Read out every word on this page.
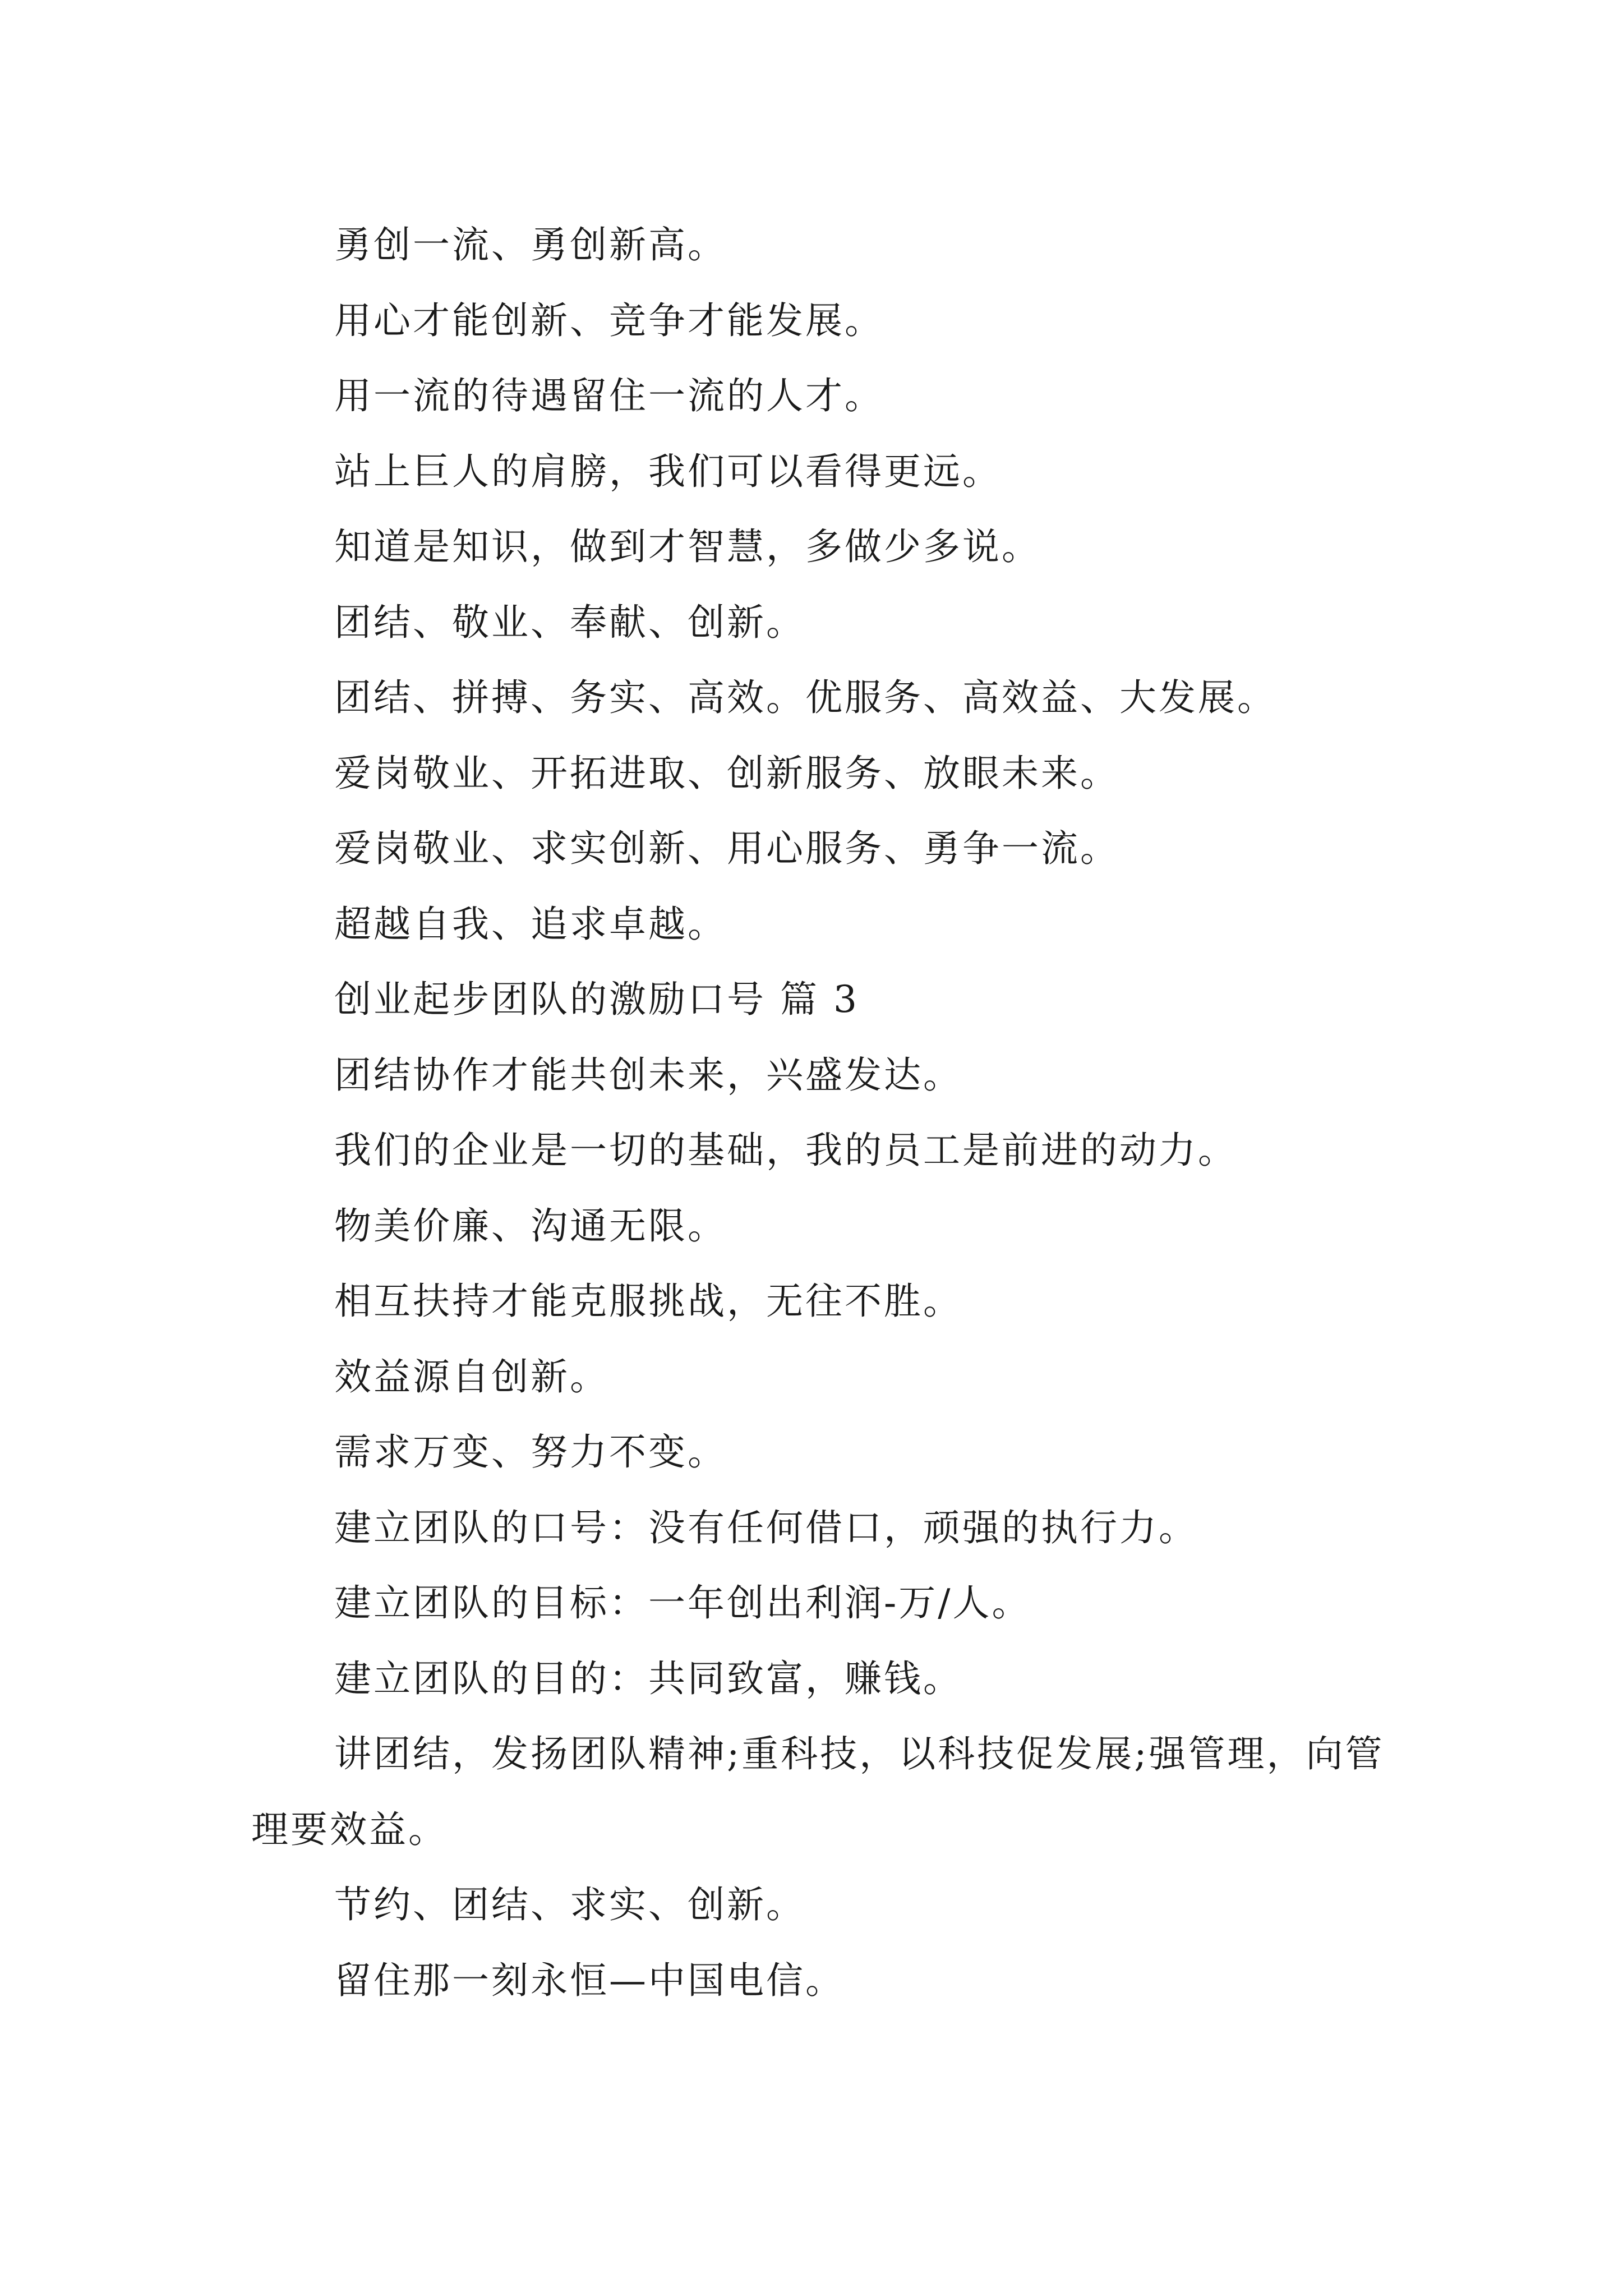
勇创一流、勇创新高。
用心才能创新、竞争才能发展。
用一流的待遇留住一流的人才。
站上巨人的肩膀，我们可以看得更远。
知道是知识，做到才智慧，多做少多说。
团结、敬业、奉献、创新。
团结、拼搏、务实、高效。优服务、高效益、大发展。
爱岗敬业、开拓进取、创新服务、放眼未来。
爱岗敬业、求实创新、用心服务、勇争一流。
超越自我、追求卓越。
创业起步团队的激励口号 篇 3
团结协作才能共创未来，兴盛发达。
我们的企业是一切的基础，我的员工是前进的动力。
物美价廉、沟通无限。
相互扶持才能克服挑战，无往不胜。
效益源自创新。
需求万变、努力不变。
建立团队的口号：没有任何借口，顽强的执行力。
建立团队的目标：一年创出利润-万/人。
建立团队的目的：共同致富，赚钱。
讲团结，发扬团队精神;重科技，以科技促发展;强管理，向管理要效益。
节约、团结、求实、创新。
留住那一刻永恒—中国电信。
